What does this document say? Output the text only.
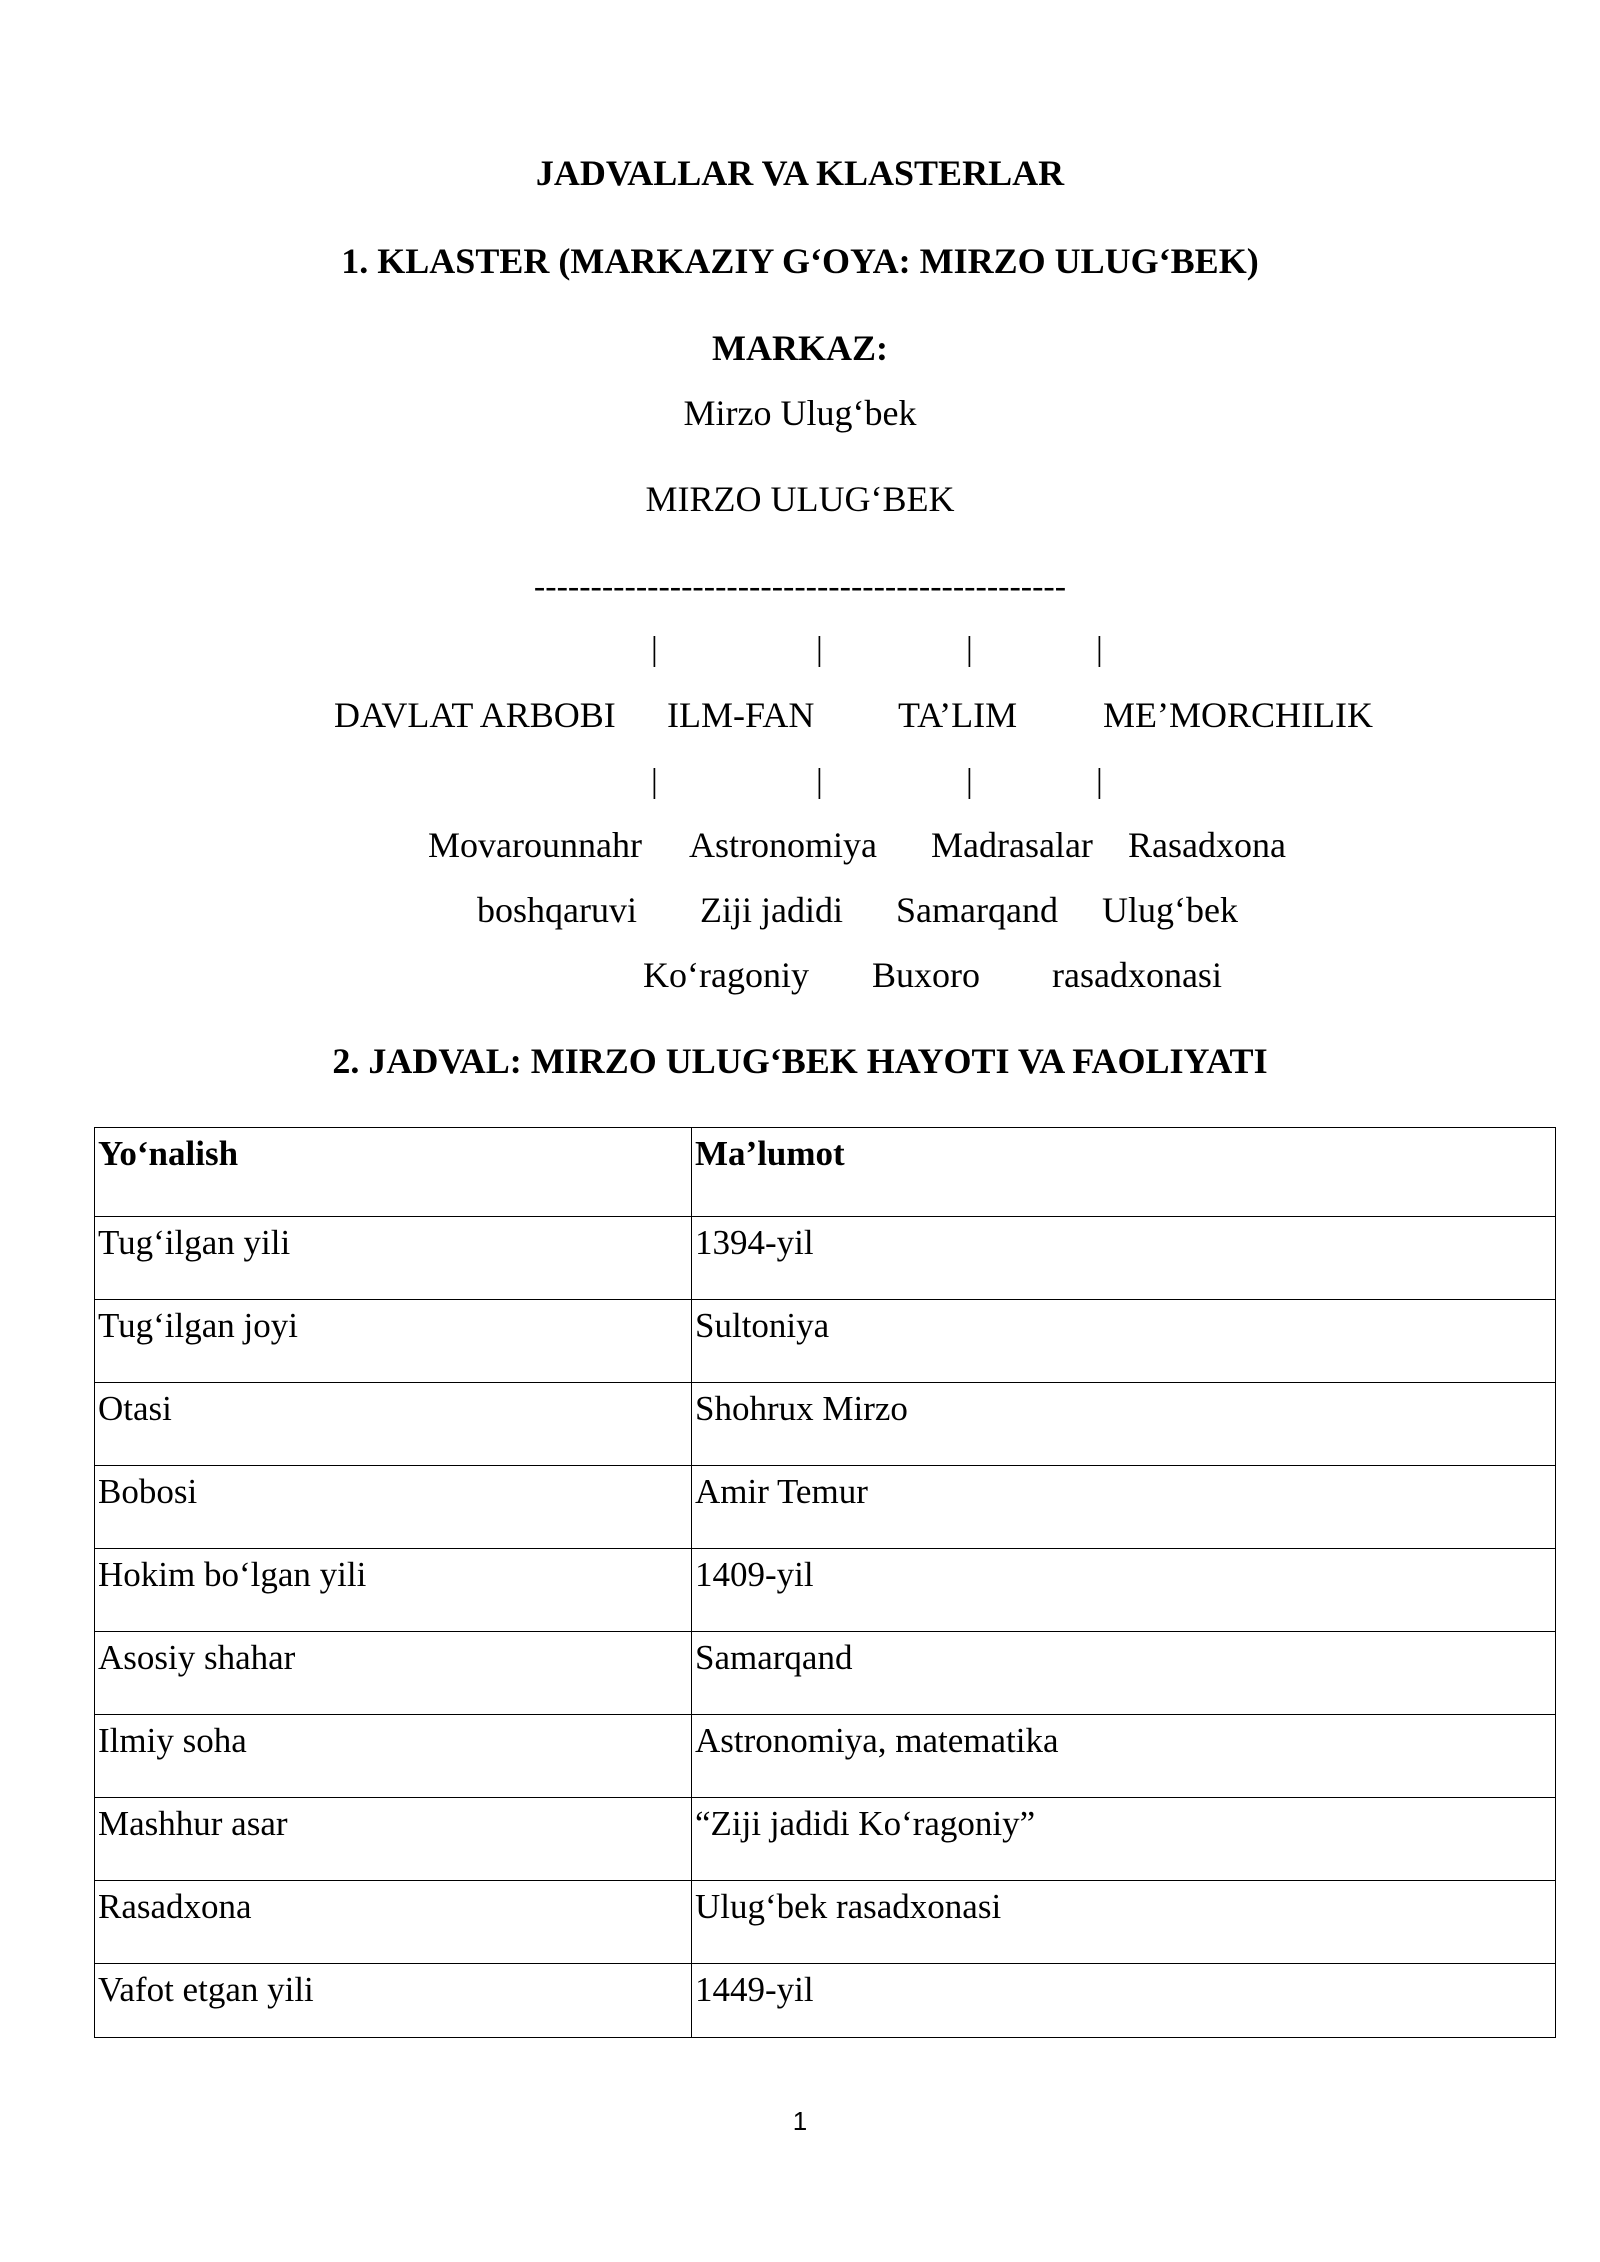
JADVALLAR VA KLASTERLAR
1. KLASTER (MARKAZIY G‘OYA: MIRZO ULUG‘BEK)
MARKAZ:
Mirzo Ulug‘bek
MIRZO ULUG‘BEK
-----------------------------------------------
|	|	|	|
DAVLAT ARBOBI ILM-FAN TA’LIM ME’MORCHILIK
|	|	|	|
Movarounnahr Astronomiya Madrasalar Rasadxona
boshqaruvi Ziji jadidi Samarqand Ulug‘bek
Ko‘ragoniy Buxoro rasadxonasi
2. JADVAL: MIRZO ULUG‘BEK HAYOTI VA FAOLIYATI
Yo‘nalish	Ma’lumot
Tug‘ilgan yili	1394-yil
Tug‘ilgan joyi	Sultoniya
Otasi	Shohrux Mirzo
Bobosi	Amir Temur
Hokim bo‘lgan yili	1409-yil
Asosiy shahar	Samarqand
Ilmiy soha	Astronomiya, matematika
Mashhur asar	“Ziji jadidi Ko‘ragoniy”
Rasadxona	Ulug‘bek rasadxonasi
Vafot etgan yili	1449-yil
1
